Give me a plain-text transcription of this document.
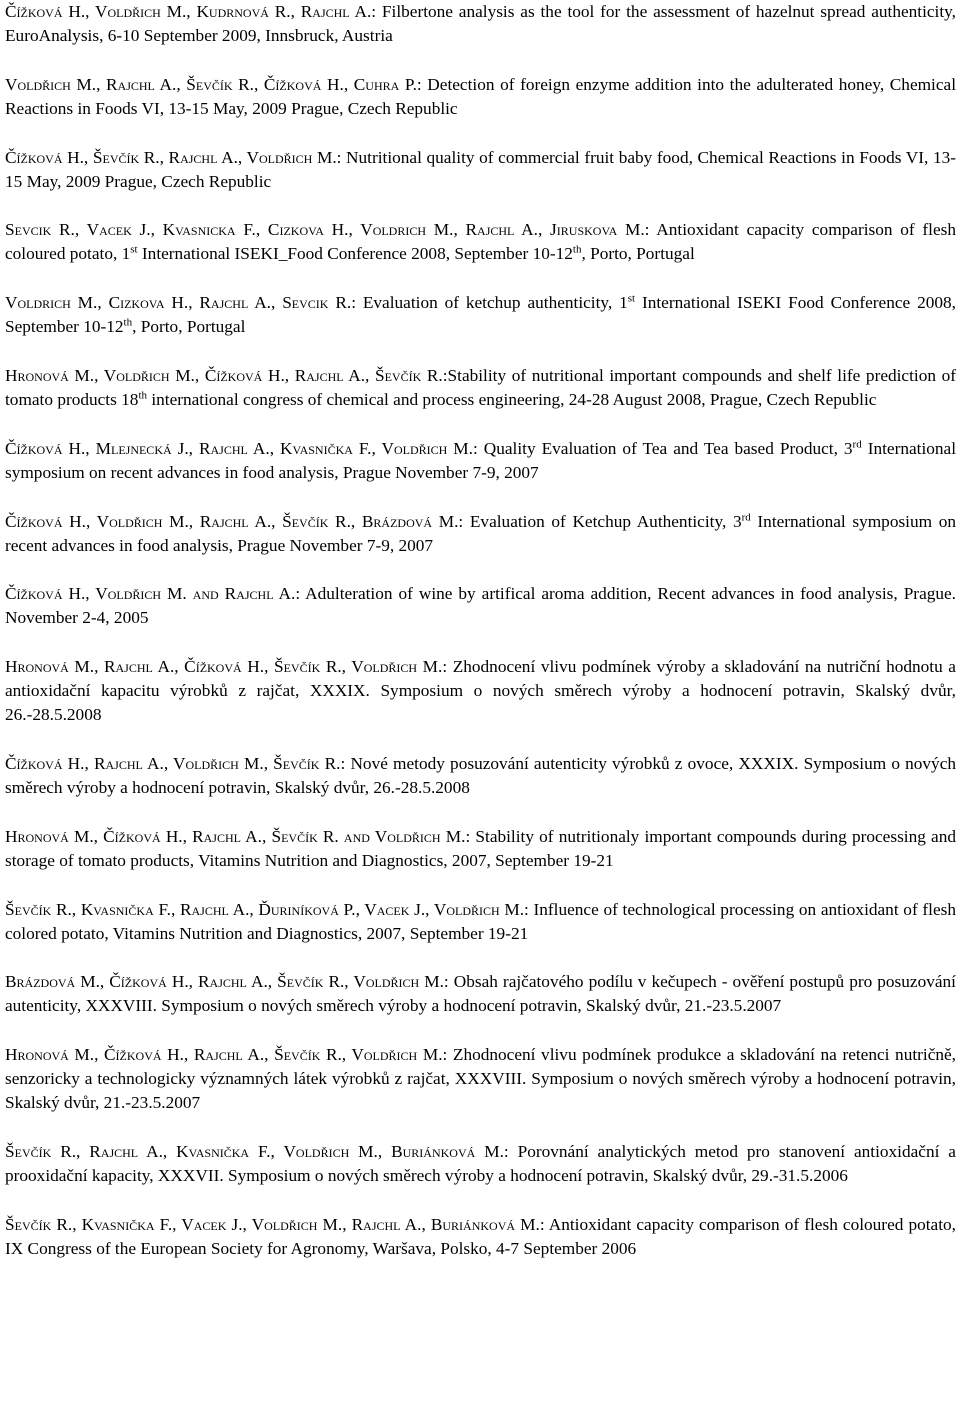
Čížková H., Voldřich M., Kudrnová R., Rajchl A.: Filbertone analysis as the tool for the assessment of hazelnut spread authenticity, EuroAnalysis, 6-10 September 2009, Innsbruck, Austria

Voldřich M., Rajchl A., Ševčík R., Čížková H., Cuhra P.: Detection of foreign enzyme addition into the adulterated honey, Chemical Reactions in Foods VI, 13-15 May, 2009 Prague, Czech Republic

Čížková H., Ševčík R., Rajchl A., Voldřich M.: Nutritional quality of commercial fruit baby food, Chemical Reactions in Foods VI, 13-15 May, 2009 Prague, Czech Republic

Sevcik R., Vacek J., Kvasnicka F., Cizkova H., Voldrich M., Rajchl A., Jiruskova M.: Antioxidant capacity comparison of flesh coloured potato, 1st International ISEKI_Food Conference 2008, September 10-12th, Porto, Portugal

Voldrich M., Cizkova H., Rajchl A., Sevcik R.: Evaluation of ketchup authenticity, 1st International ISEKI Food Conference 2008, September 10-12th, Porto, Portugal

Hronová M., Voldřich M., Čížková H., Rajchl A., Ševčík R.:Stability of nutritional important compounds and shelf life prediction of tomato products 18th international congress of chemical and process engineering, 24-28 August 2008, Prague, Czech Republic

Čížková H., Mlejnecká J., Rajchl A., Kvasnička F., Voldřich M.: Quality Evaluation of Tea and Tea based Product, 3rd International symposium on recent advances in food analysis, Prague November 7-9, 2007

Čížková H., Voldřich M., Rajchl A., Ševčík R., Brázdová M.: Evaluation of Ketchup Authenticity, 3rd International symposium on recent advances in food analysis, Prague November 7-9, 2007

Čížková H., Voldřich M. and Rajchl A.: Adulteration of wine by artifical aroma addition, Recent advances in food analysis, Prague. November 2-4, 2005

Hronová M., Rajchl A., Čížková H., Ševčík R., Voldřich M.: Zhodnocení vlivu podmínek výroby a skladování na nutriční hodnotu a antioxidační kapacitu výrobků z rajčat, XXXIX. Symposium o nových směrech výroby a hodnocení potravin, Skalský dvůr, 26.-28.5.2008

Čížková H., Rajchl A., Voldřich M., Ševčík R.: Nové metody posuzování autenticity výrobků z ovoce, XXXIX. Symposium o nových směrech výroby a hodnocení potravin, Skalský dvůr, 26.-28.5.2008

Hronová M., Čížková H., Rajchl A., Ševčík R. and Voldřich M.: Stability of nutritionaly important compounds during processing and storage of tomato products, Vitamins Nutrition and Diagnostics, 2007, September 19-21

Ševčík R., Kvasnička F., Rajchl A., Ďuriníková P., Vacek J., Voldřich M.: Influence of technological processing on antioxidant of flesh colored potato, Vitamins Nutrition and Diagnostics, 2007, September 19-21

Brázdová M., Čížková H., Rajchl A., Ševčík R., Voldřich M.: Obsah rajčatového podílu v kečupech - ověření postupů pro posuzování autenticity, XXXVIII. Symposium o nových směrech výroby a hodnocení potravin, Skalský dvůr, 21.-23.5.2007

Hronová M., Čížková H., Rajchl A., Ševčík R., Voldřich M.: Zhodnocení vlivu podmínek produkce a skladování na retenci nutričně, senzoricky a technologicky významných látek výrobků z rajčat, XXXVIII. Symposium o nových směrech výroby a hodnocení potravin, Skalský dvůr, 21.-23.5.2007

Ševčík R., Rajchl A., Kvasnička F., Voldřich M., Buriánková M.: Porovnání analytických metod pro stanovení antioxidační a prooxidační kapacity, XXXVII. Symposium o nových směrech výroby a hodnocení potravin, Skalský dvůr, 29.-31.5.2006

Ševčík R., Kvasnička F., Vacek J., Voldřich M., Rajchl A., Buriánková M.: Antioxidant capacity comparison of flesh coloured potato, IX Congress of the European Society for Agronomy, Waršava, Polsko, 4-7 September 2006
